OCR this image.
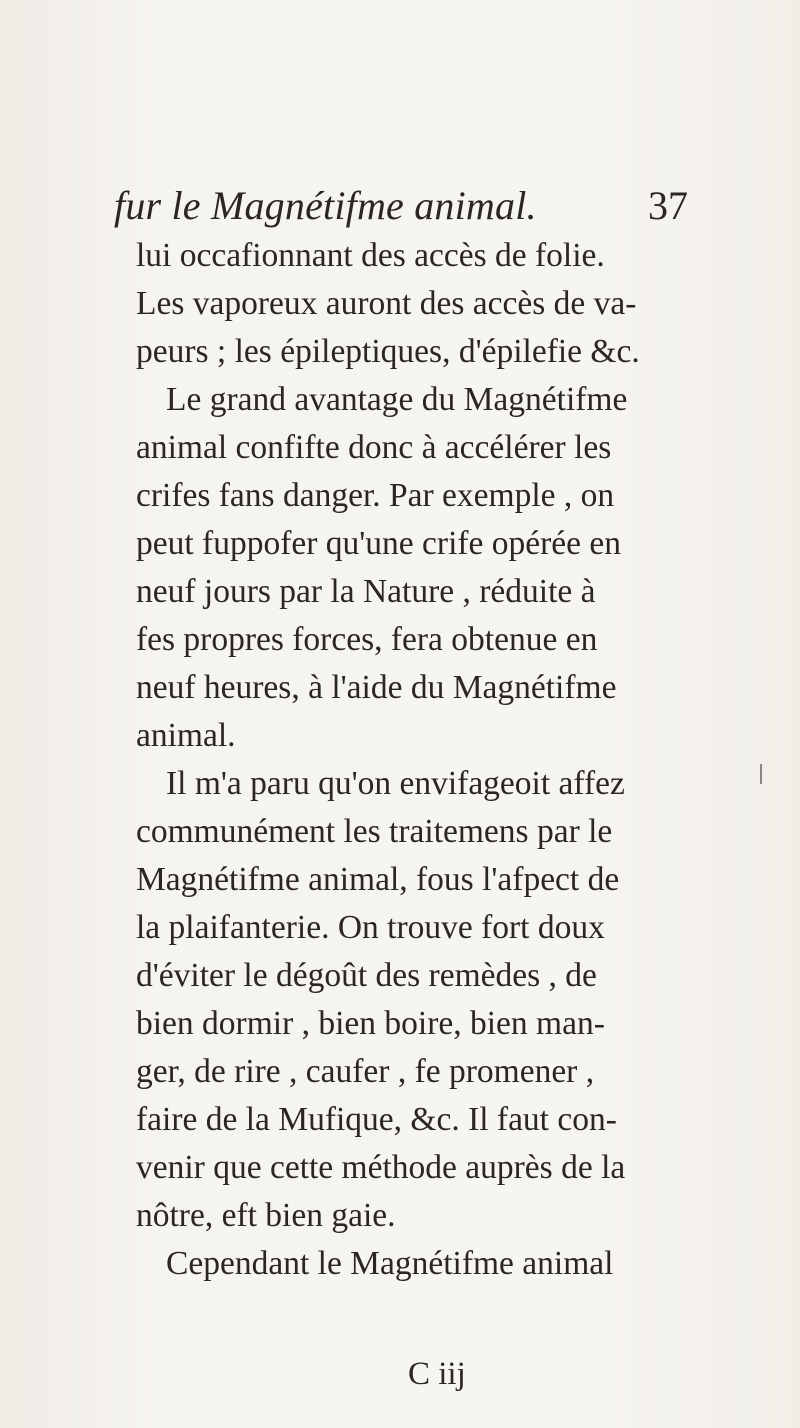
fur le Magnétifme animal.	37
lui occafionnant des accès de folie.
Les vaporeux auront des accès de va-
peurs ; les épileptiques, d'épilefie &c.
Le grand avantage du Magnétifme
animal confifte donc à accélérer les
crifes fans danger. Par exemple , on
peut fuppofer qu'une crife opérée en
neuf jours par la Nature , réduite à
fes propres forces, fera obtenue en
neuf heures, à l'aide du Magnétifme
animal.
Il m'a paru qu'on envifageoit affez
communément les traitemens par le
Magnétifme animal, fous l'afpect de
la plaifanterie. On trouve fort doux
d'éviter le dégoût des remèdes , de
bien dormir , bien boire, bien man-
ger, de rire , caufer , fe promener ,
faire de la Mufique, &c. Il faut con-
venir que cette méthode auprès de la
nôtre, eft bien gaie.
Cependant le Magnétifme animal
C iij
